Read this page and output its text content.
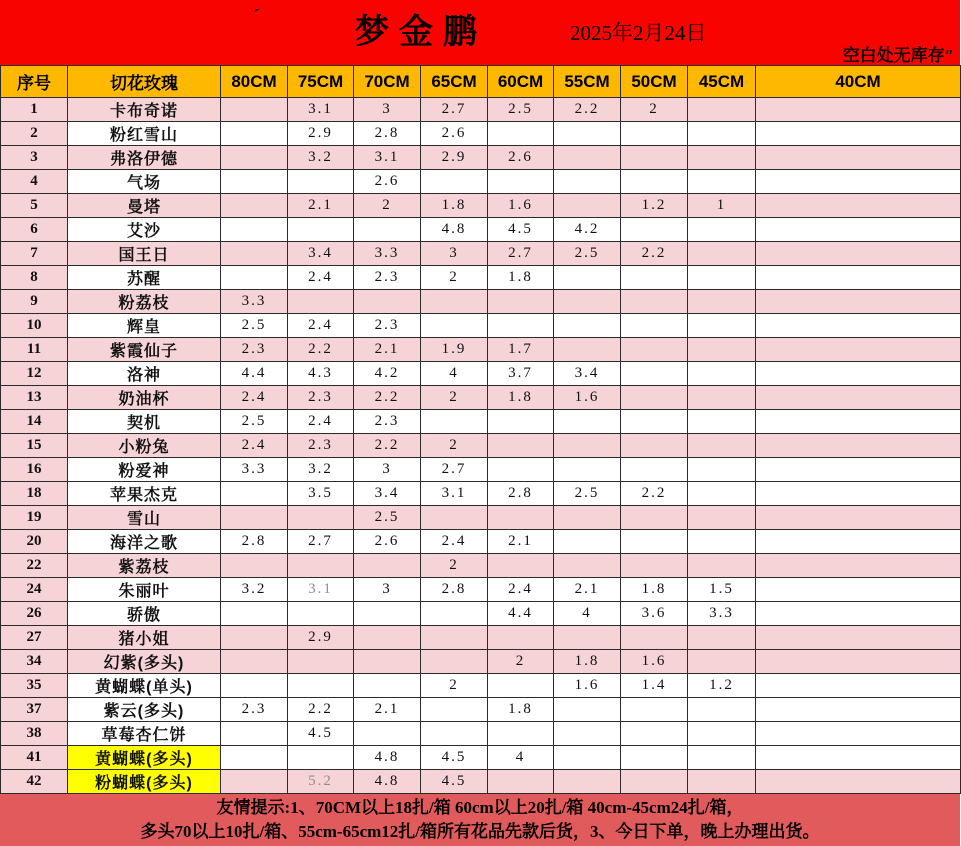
ˊ	梦金鹏	2025年2月24日
空白处无库存″
序号	切花玫瑰	80CM	75CM	70CM	65CM	60CM	55CM	50CM	45CM	40CM
1	卡布奇诺		3.1	3	2.7	2.5	2.2	2		
2	粉红雪山		2.9	2.8	2.6					
3	弗洛伊德		3.2	3.1	2.9	2.6				
4	气场			2.6						
5	曼塔		2.1	2	1.8	1.6		1.2	1	
6	艾沙				4.8	4.5	4.2			
7	国王日		3.4	3.3	3	2.7	2.5	2.2		
8	苏醒		2.4	2.3	2	1.8				
9	粉荔枝	3.3								
10	辉皇	2.5	2.4	2.3						
11	紫霞仙子	2.3	2.2	2.1	1.9	1.7				
12	洛神	4.4	4.3	4.2	4	3.7	3.4			
13	奶油杯	2.4	2.3	2.2	2	1.8	1.6			
14	契机	2.5	2.4	2.3						
15	小粉兔	2.4	2.3	2.2	2					
16	粉爱神	3.3	3.2	3	2.7					
18	苹果杰克		3.5	3.4	3.1	2.8	2.5	2.2		
19	雪山			2.5						
20	海洋之歌	2.8	2.7	2.6	2.4	2.1				
22	紫荔枝				2					
24	朱丽叶	3.2	3.1	3	2.8	2.4	2.1	1.8	1.5	
26	骄傲					4.4	4	3.6	3.3	
27	猪小姐		2.9							
34	幻紫(多头)					2	1.8	1.6		
35	黄蝴蝶(单头)				2		1.6	1.4	1.2	
37	紫云(多头)	2.3	2.2	2.1		1.8				
38	草莓杏仁饼		4.5							
41	黄蝴蝶(多头)			4.8	4.5	4				
42	粉蝴蝶(多头)		5.2	4.8	4.5					
友情提示:1、70CM以上18扎/箱 60cm以上20扎/箱 40cm-45cm24扎/箱，
多头70以上10扎/箱、55cm-65cm12扎/箱所有花品先款后货，3、今日下单，晚上办理出货。
